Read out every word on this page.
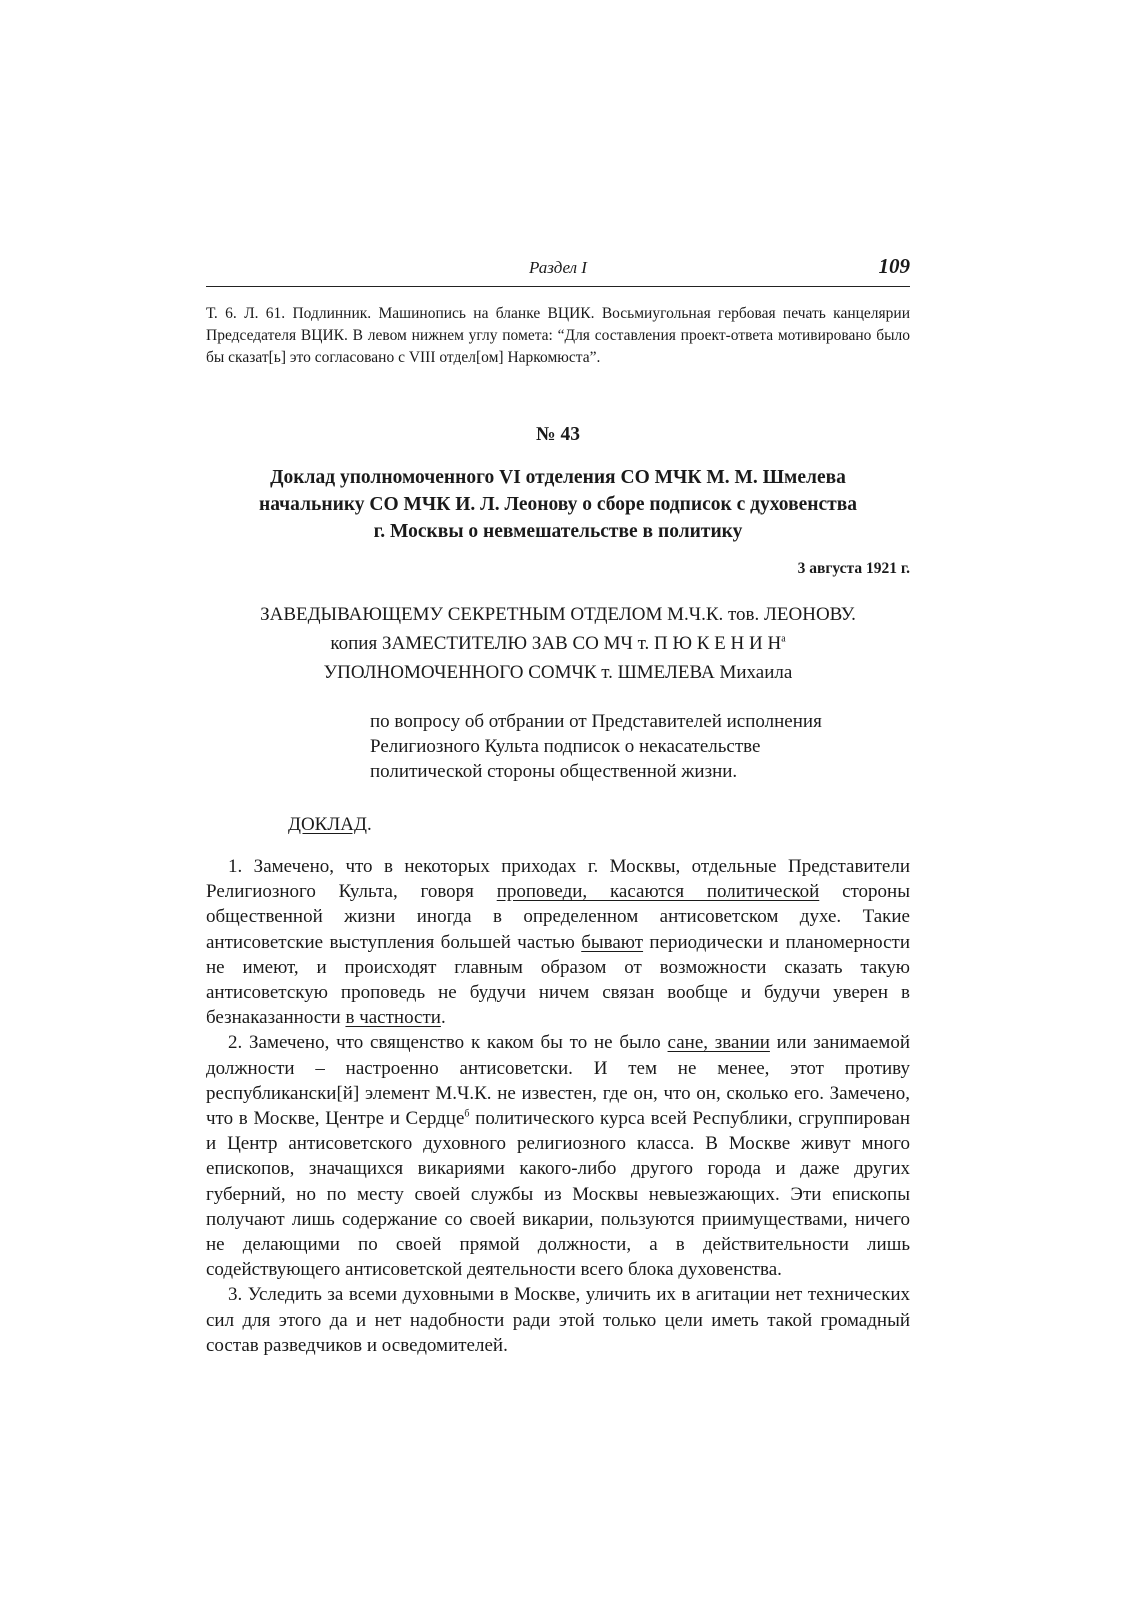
Раздел I	109

Т. 6. Л. 61. Подлинник. Машинопись на бланке ВЦИК. Восьмиугольная гербовая печать канцелярии Председателя ВЦИК. В левом нижнем углу помета: “Для составления проект-ответа мотивировано было бы сказат[ь] это согласовано с VIII отдел[ом] Наркомюста”.

№ 43
Доклад уполномоченного VI отделения СО МЧК М. М. Шмелева
начальнику СО МЧК И. Л. Леонову о сборе подписок с духовенства
г. Москвы о невмешательстве в политику
3 августа 1921 г.

ЗАВЕДЫВАЮЩЕМУ СЕКРЕТНЫМ ОТДЕЛОМ М.Ч.К. тов. ЛЕОНОВУ.

копия ЗАМЕСТИТЕЛЮ ЗАВ СО МЧ т. П Ю К Е Н И $Н^а$

УПОЛНОМОЧЕННОГО СОМЧК т. ШМЕЛЕВА Михаила

по вопросу об отбрании от Представителей исполнения
Религиозного Культа подписок о некасательстве
политической стороны общественной жизни.
ДОКЛАД.

1. Замечено, что в некоторых приходах г. Москвы, отдельные Представители Религиозного Культа, говоря проповеди, касаются политической стороны общественной жизни иногда в определенном антисоветском духе. Такие антисоветские выступления большей частью бывают периодически и планомерности не имеют, и происходят главным образом от возможности сказать такую антисоветскую проповедь не будучи ничем связан вообще и будучи уверен в безнаказанности в частности.

2. Замечено, что священство к каком бы то не было сане, звании или занимаемой должности – настроенно антисоветски. И тем не менее, этот противу республикански[й] элемент М.Ч.К. не известен, где он, что он, сколько его. Замечено, что в Москве, Центре и Сердце$^б$ политического курса всей Республики, сгруппирован и Центр антисоветского духовного религиозного класса. В Москве живут много епископов, значащихся викариями какого-либо другого города и даже других губерний, но по месту своей службы из Москвы невыезжающих. Эти епископы получают лишь содержание со своей викарии, пользуются приимуществами, ничего не делающими по своей прямой должности, а в действительности лишь содействующего антисоветской деятельности всего блока духовенства.

3. Уследить за всеми духовными в Москве, уличить их в агитации нет технических сил для этого да и нет надобности ради этой только цели иметь такой громадный состав разведчиков и осведомителей.
